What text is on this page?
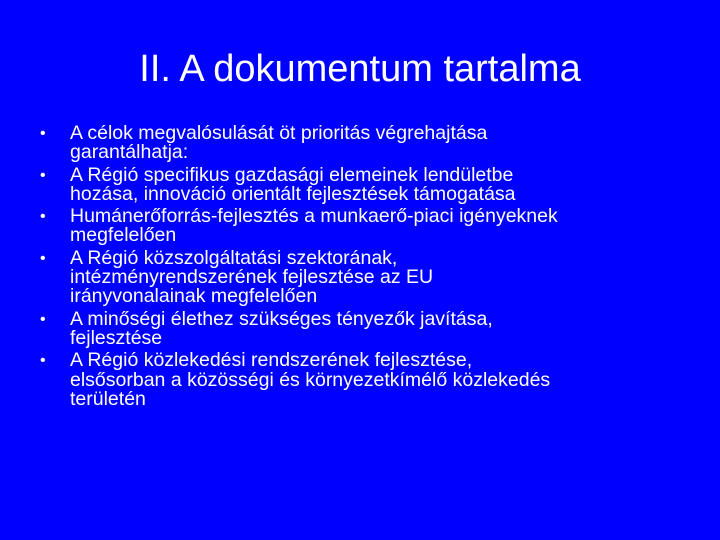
II. A dokumentum tartalma
•	A célok megvalósulását öt prioritás végrehajtása
garantálhatja:
•	A Régió specifikus gazdasági elemeinek lendületbe
hozása, innováció orientált fejlesztések támogatása
•	Humánerőforrás-fejlesztés a munkaerő-piaci igényeknek
megfelelően
•	A Régió közszolgáltatási szektorának,
intézményrendszerének fejlesztése az EU
irányvonalainak megfelelően
•	A minőségi élethez szükséges tényezők javítása,
fejlesztése
•	A Régió közlekedési rendszerének fejlesztése,
elsősorban a közösségi és környezetkímélő közlekedés
területén
